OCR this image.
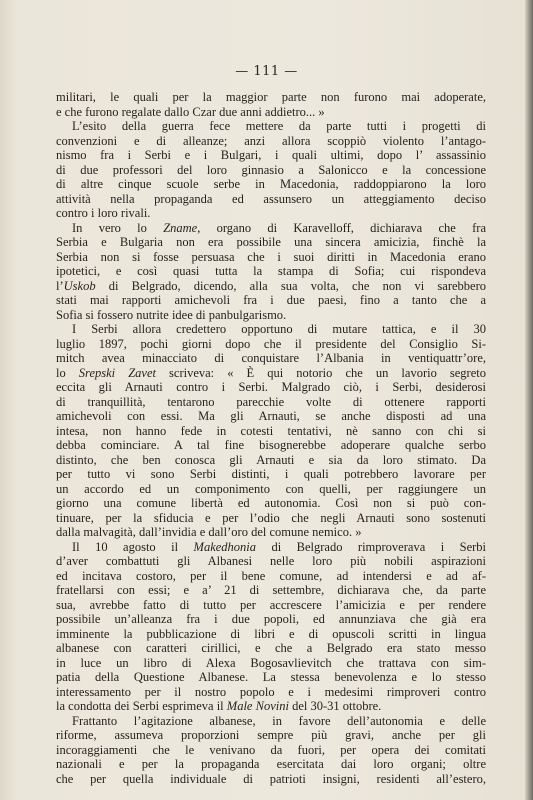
— 111 —
militari, le quali per la maggior parte non furono mai adoperate,
e che furono regalate dallo Czar due anni addietro... »
L’esito della guerra fece mettere da parte tutti i progetti di
convenzioni e di alleanze; anzi allora scoppiò violento l’antago-
nismo fra i Serbi e i Bulgari, i quali ultimi, dopo l’ assassinio
di due professori del loro ginnasio a Salonicco e la concessione
di altre cinque scuole serbe in Macedonia, raddoppiarono la loro
attività nella propaganda ed assunsero un atteggiamento deciso
contro i loro rivali.
In vero lo Zname, organo di Karavelloff, dichiarava che fra
Serbia e Bulgaria non era possibile una sincera amicizia, finchè la
Serbia non si fosse persuasa che i suoi diritti in Macedonia erano
ipotetici, e così quasi tutta la stampa di Sofia; cui rispondeva
l’Uskob di Belgrado, dicendo, alla sua volta, che non vi sarebbero
stati mai rapporti amichevoli fra i due paesi, fino a tanto che a
Sofia si fossero nutrite idee di panbulgarismo.
I Serbi allora credettero opportuno di mutare tattica, e il 30
luglio 1897, pochi giorni dopo che il presidente del Consiglio Si-
mitch avea minacciato di conquistare l’Albania in ventiquattr’ore,
lo Srepski Zavet scriveva: « È qui notorio che un lavorio segreto
eccita gli Arnauti contro i Serbi. Malgrado ciò, i Serbi, desiderosi
di tranquillità, tentarono parecchie volte di ottenere rapporti
amichevoli con essi. Ma gli Arnauti, se anche disposti ad una
intesa, non hanno fede in cotesti tentativi, nè sanno con chi si
debba cominciare. A tal fine bisognerebbe adoperare qualche serbo
distinto, che ben conosca gli Arnauti e sia da loro stimato. Da
per tutto vi sono Serbi distinti, i quali potrebbero lavorare per
un accordo ed un componimento con quelli, per raggiungere un
giorno una comune libertà ed autonomia. Così non si può con-
tinuare, per la sfiducia e per l’odio che negli Arnauti sono sostenuti
dalla malvagità, dall’invidia e dall’oro del comune nemico. »
Il 10 agosto il Makedhonia di Belgrado rimproverava i Serbi
d’aver combattuti gli Albanesi nelle loro più nobili aspirazioni
ed incitava costoro, per il bene comune, ad intendersi e ad af-
fratellarsi con essi; e a’ 21 di settembre, dichiarava che, da parte
sua, avrebbe fatto di tutto per accrescere l’amicizia e per rendere
possibile un’alleanza fra i due popoli, ed annunziava che già era
imminente la pubblicazione di libri e di opuscoli scritti in lingua
albanese con caratteri cirillici, e che a Belgrado era stato messo
in luce un libro di Alexa Bogosavlievitch che trattava con sim-
patia della Questione Albanese. La stessa benevolenza e lo stesso
interessamento per il nostro popolo e i medesimi rimproveri contro
la condotta dei Serbi esprimeva il Male Novini del 30-31 ottobre.
Frattanto l’agitazione albanese, in favore dell’autonomia e delle
riforme, assumeva proporzioni sempre più gravi, anche per gli
incoraggiamenti che le venivano da fuori, per opera dei comitati
nazionali e per la propaganda esercitata dai loro organi; oltre
che per quella individuale di patrioti insigni, residenti all’estero,
